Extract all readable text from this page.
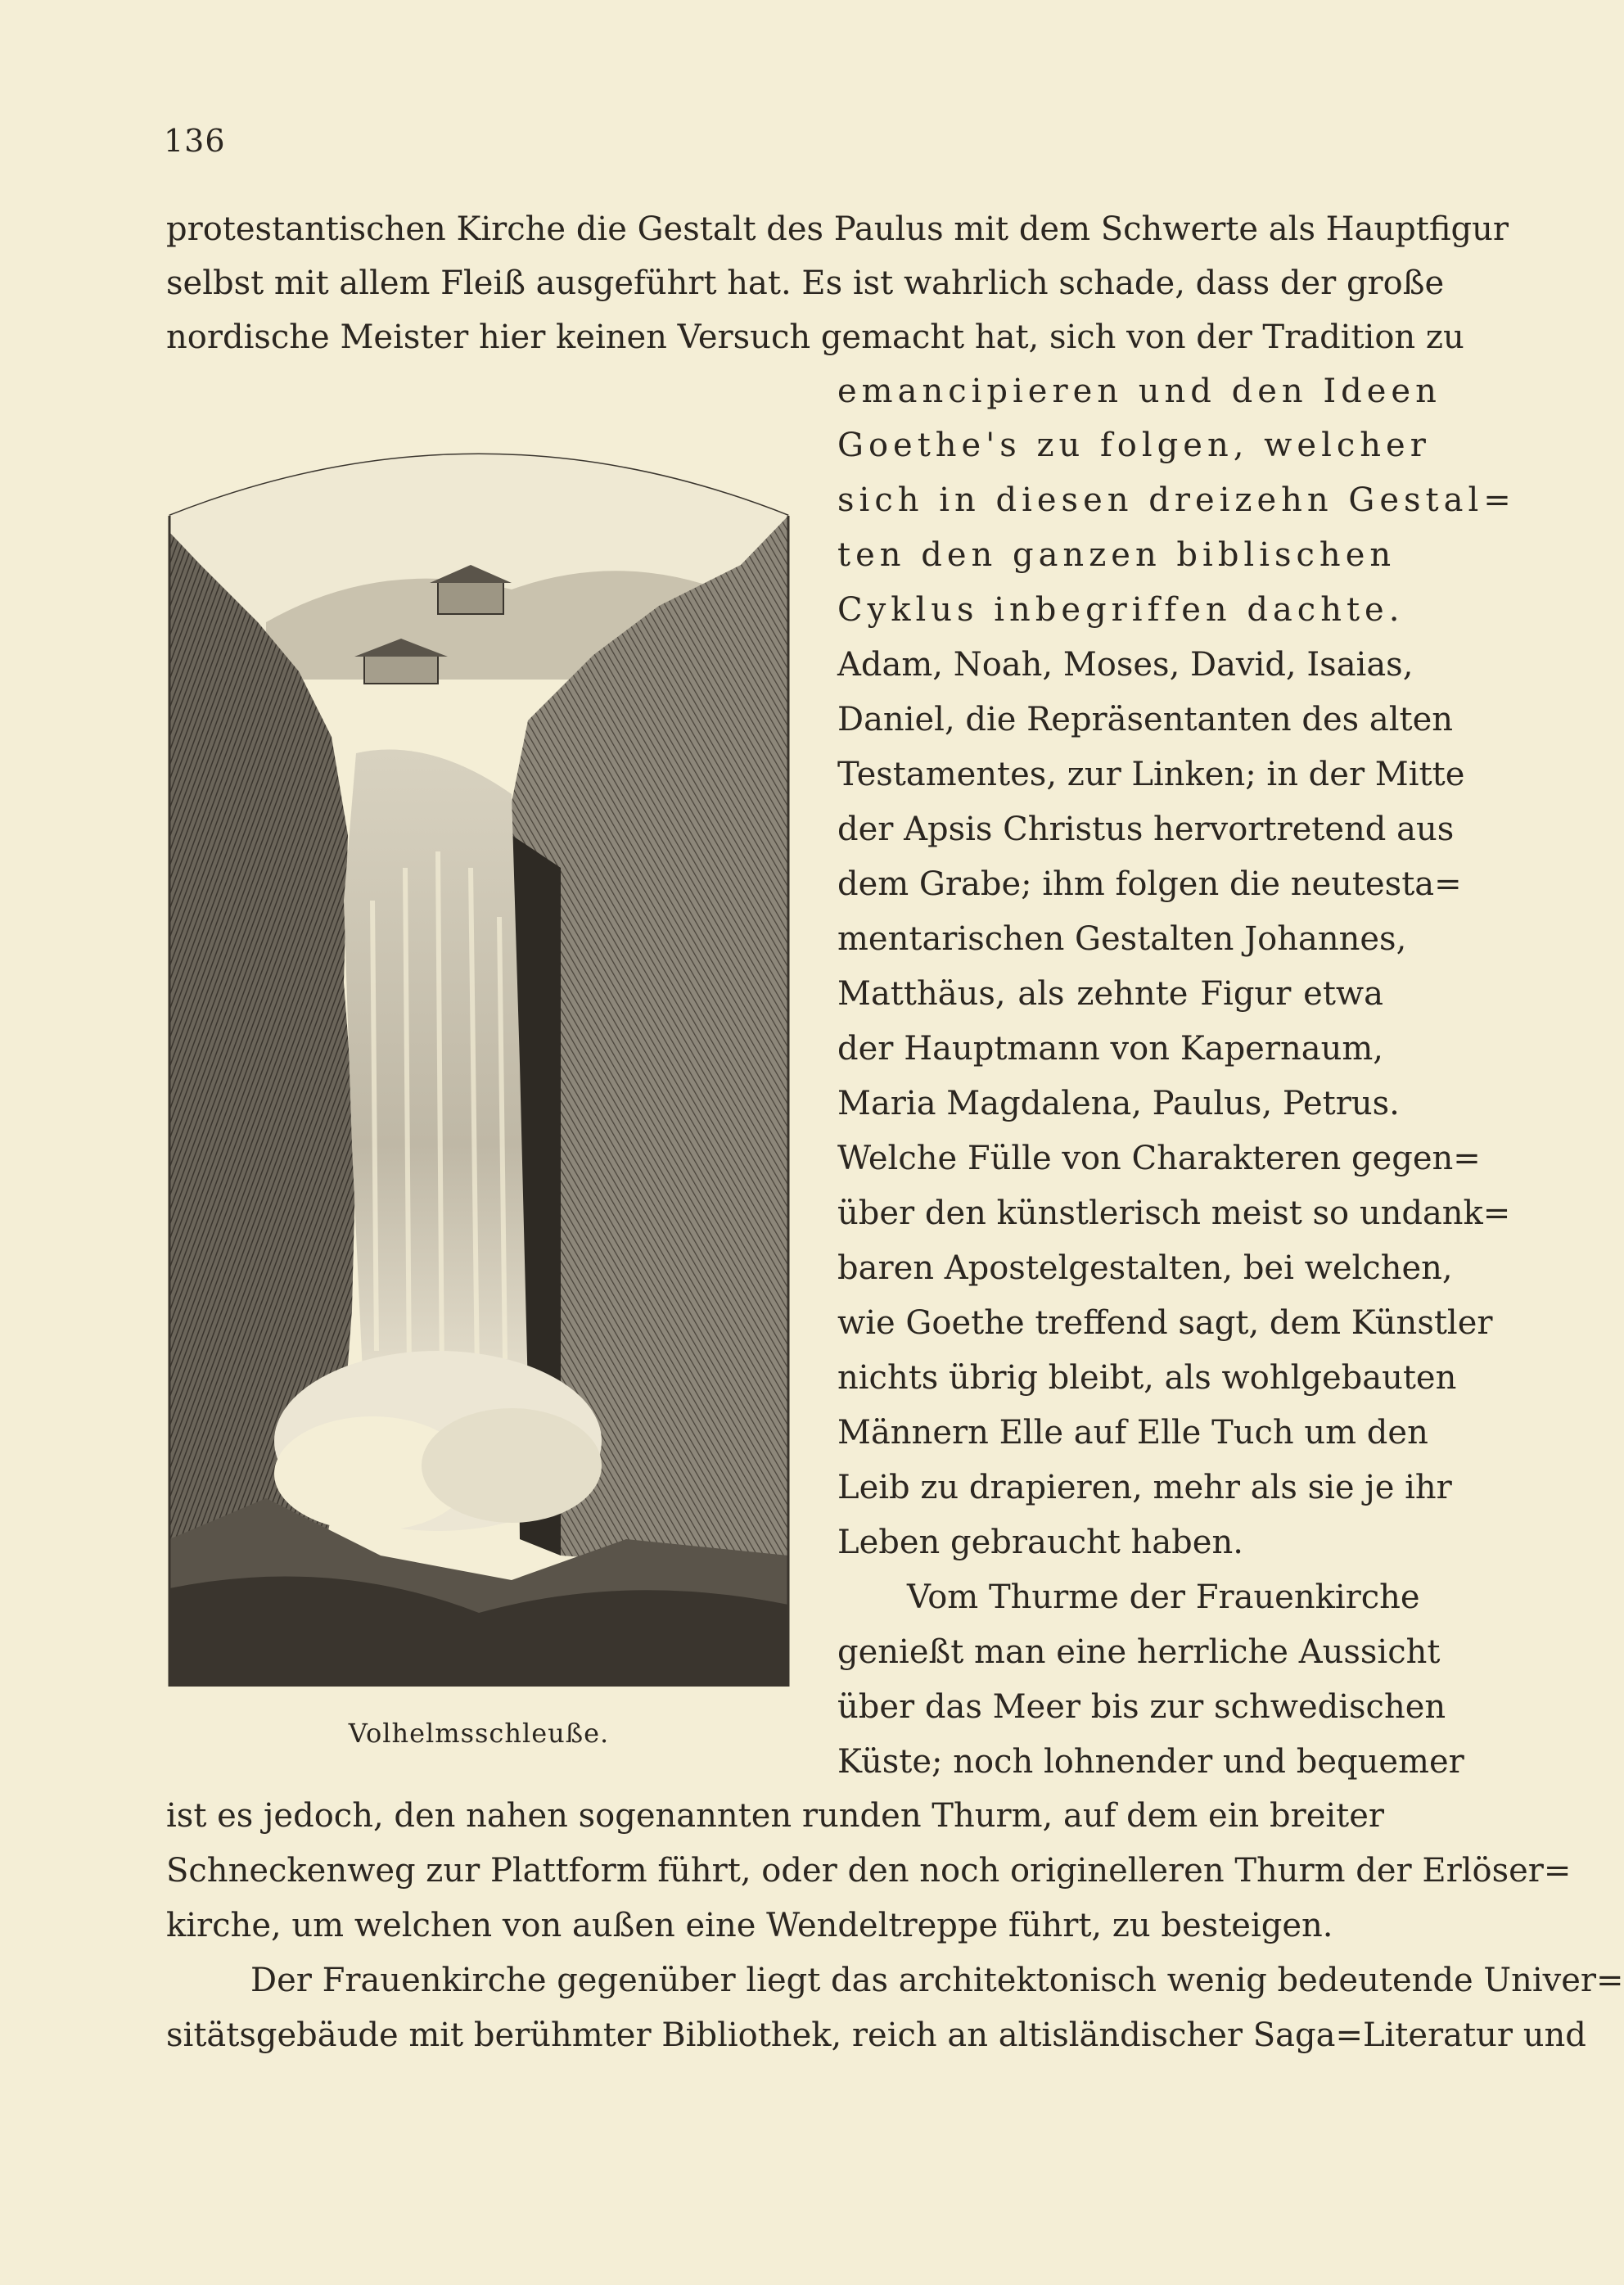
136
protestantischen Kirche die Gestalt des Paulus mit dem Schwerte als Hauptfigur
selbst mit allem Fleiß ausgeführt hat. Es ist wahrlich schade, dass der große
nordische Meister hier keinen Versuch gemacht hat, sich von der Tradition zu
Volhelmsschleuße.
emancipieren und den Ideen
Goethe's zu folgen, welcher
sich in diesen dreizehn Gestal=
ten den ganzen biblischen
Cyklus inbegriffen dachte.
Adam, Noah, Moses, David, Isaias,
Daniel, die Repräsentanten des alten
Testamentes, zur Linken; in der Mitte
der Apsis Christus hervortretend aus
dem Grabe; ihm folgen die neutesta=
mentarischen Gestalten Johannes,
Matthäus, als zehnte Figur etwa
der Hauptmann von Kapernaum,
Maria Magdalena, Paulus, Petrus.
Welche Fülle von Charakteren gegen=
über den künstlerisch meist so undank=
baren Apostelgestalten, bei welchen,
wie Goethe treffend sagt, dem Künstler
nichts übrig bleibt, als wohlgebauten
Männern Elle auf Elle Tuch um den
Leib zu drapieren, mehr als sie je ihr
Leben gebraucht haben.
Vom Thurme der Frauenkirche
genießt man eine herrliche Aussicht
über das Meer bis zur schwedischen
Küste; noch lohnender und bequemer
ist es jedoch, den nahen sogenannten runden Thurm, auf dem ein breiter
Schneckenweg zur Plattform führt, oder den noch originelleren Thurm der Erlöser=
kirche, um welchen von außen eine Wendeltreppe führt, zu besteigen.
Der Frauenkirche gegenüber liegt das architektonisch wenig bedeutende Univer=
sitätsgebäude mit berühmter Bibliothek, reich an altisländischer Saga=Literatur und
